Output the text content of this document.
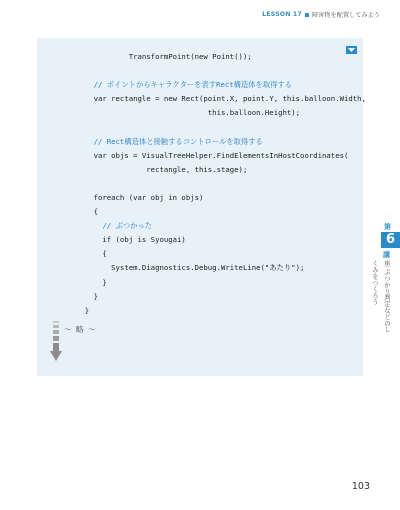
LESSON 17 障害物を配置してみよう
TransformPoint(new Point());
// ポイントからキャラクターを表すRect構造体を取得する
var rectangle = new Rect(point.X, point.Y, this.balloon.Width,
this.balloon.Height);
// Rect構造体と接触するコントロールを取得する
var objs = VisualTreeHelper.FindElementsInHostCoordinates(
rectangle, this.stage);
foreach (var obj in objs)
{
// ぶつかった
if (obj is Syougai)
{
System.Diagnostics.Debug.WriteLine("あたり");
}
}
}
～ 略 ～
第
6
講
座 ぶつかり判定などのしくみをつくろう
103
